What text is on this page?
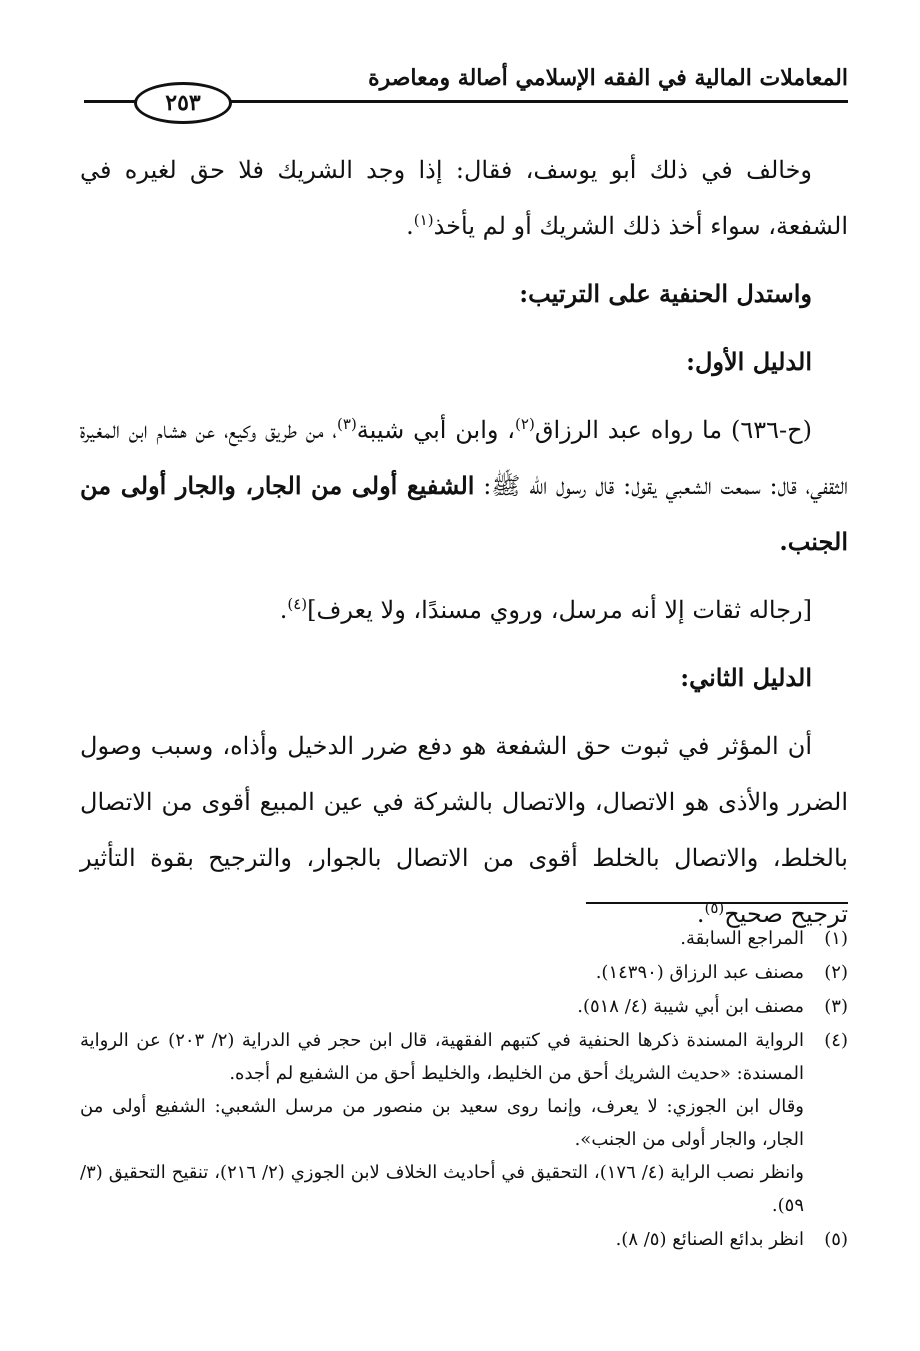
المعاملات المالية في الفقه الإسلامي أصالة ومعاصرة
٢٥٣

وخالف في ذلك أبو يوسف، فقال: إذا وجد الشريك فلا حق لغيره في الشفعة، سواء أخذ ذلك الشريك أو لم يأخذ$^{(١)}$.

واستدل الحنفية على الترتيب:

الدليل الأول:

(ح-٦٣٦) ما رواه عبد الرزاق$^{(٢)}$، وابن أبي شيبة$^{(٣)}$، من طريق وكيع، عن هشام ابن المغيرة الثقفي، قال: سمعت الشعبي يقول: قال رسول الله ﷺ: الشفيع أولى من الجار، والجار أولى من الجنب.

[رجاله ثقات إلا أنه مرسل، وروي مسندًا، ولا يعرف]$^{(٤)}$.

الدليل الثاني:

أن المؤثر في ثبوت حق الشفعة هو دفع ضرر الدخيل وأذاه، وسبب وصول الضرر والأذى هو الاتصال، والاتصال بالشركة في عين المبيع أقوى من الاتصال بالخلط، والاتصال بالخلط أقوى من الاتصال بالجوار، والترجيح بقوة التأثير ترجيح صحيح$^{(٥)}$.

(١)
المراجع السابقة.
(٢)
مصنف عبد الرزاق (١٤٣٩٠).
(٣)
مصنف ابن أبي شيبة (٤/ ٥١٨).
(٤)
الرواية المسندة ذكرها الحنفية في كتبهم الفقهية، قال ابن حجر في الدراية (٢/ ٢٠٣) عن الرواية المسندة: «حديث الشريك أحق من الخليط، والخليط أحق من الشفيع لم أجده.
وقال ابن الجوزي: لا يعرف، وإنما روى سعيد بن منصور من مرسل الشعبي: الشفيع أولى من الجار، والجار أولى من الجنب».
وانظر نصب الراية (٤/ ١٧٦)، التحقيق في أحاديث الخلاف لابن الجوزي (٢/ ٢١٦)، تنقيح التحقيق (٣/ ٥٩).
(٥)
انظر بدائع الصنائع (٥/ ٨).
